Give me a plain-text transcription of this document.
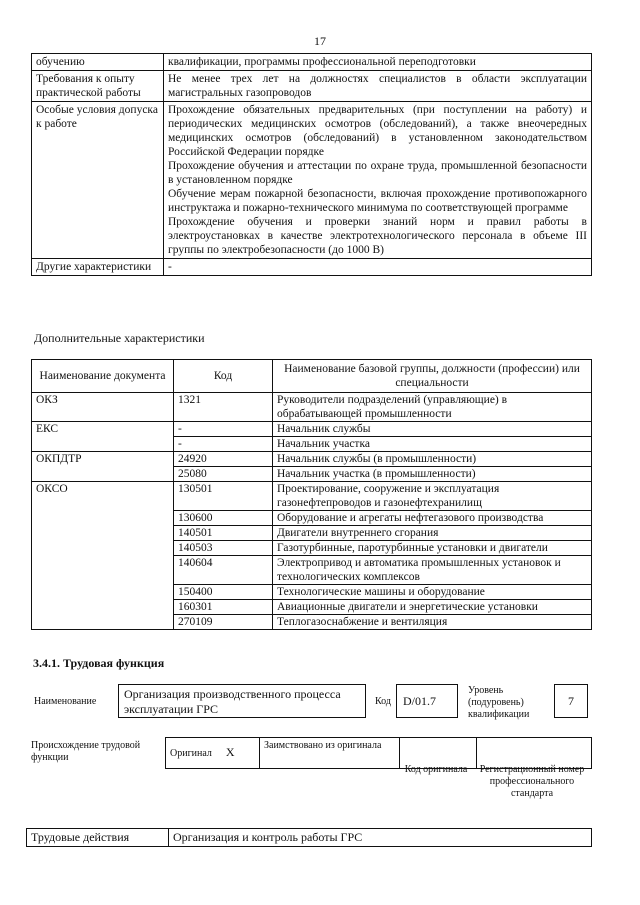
17
обучению	квалификации, программы профессиональной переподготовки

Требования к опыту практической работы	Не менее трех лет на должностях специалистов в области эксплуатации магистральных газопроводов

Особые условия допуска к работе	Прохождение обязательных предварительных (при поступлении на работу) и периодических медицинских осмотров (обследований), а также внеочередных медицинских осмотров (обследований) в установленном законодательством Российской Федерации порядке
Прохождение обучения и аттестации по охране труда, промышленной безопасности в установленном порядке
Обучение мерам пожарной безопасности, включая прохождение противопожарного инструктажа и пожарно-технического минимума по соответствующей программе
Прохождение обучения и проверки знаний норм и правил работы в электроустановках в качестве электротехнологического персонала в объеме III группы по электробезопасности (до 1000 В)

Другие характеристики	-
Дополнительные характеристики
Наименование документа	Код	Наименование базовой группы, должности (профессии) или специальности
ОКЗ	1321	Руководители подразделений (управляющие) в обрабатывающей промышленности
ЕКС	-	Начальник службы
	-	Начальник участка
ОКПДТР	24920	Начальник службы (в промышленности)
	25080	Начальник участка (в промышленности)
ОКСО	130501	Проектирование, сооружение и эксплуатация газонефтепроводов и газонефтехранилищ
	130600	Оборудование и агрегаты нефтегазового производства
	140501	Двигатели внутреннего сгорания
	140503	Газотурбинные, паротурбинные установки и двигатели
	140604	Электропривод и автоматика промышленных установок и технологических комплексов
	150400	Технологические машины и оборудование
	160301	Авиационные двигатели и энергетические установки
	270109	Теплогазоснабжение и вентиляция
3.4.1. Трудовая функция
Наименование
Организация производственного процесса эксплуатации ГРС
Код	D/01.7
Уровень (подуровень) квалификации
7
Происхождение трудовой функции	Оригинал X	Заимствовано из оригинала		
Код оригинала	Регистрационный номер профессионального стандарта
Трудовые действия	Организация и контроль работы ГРС
